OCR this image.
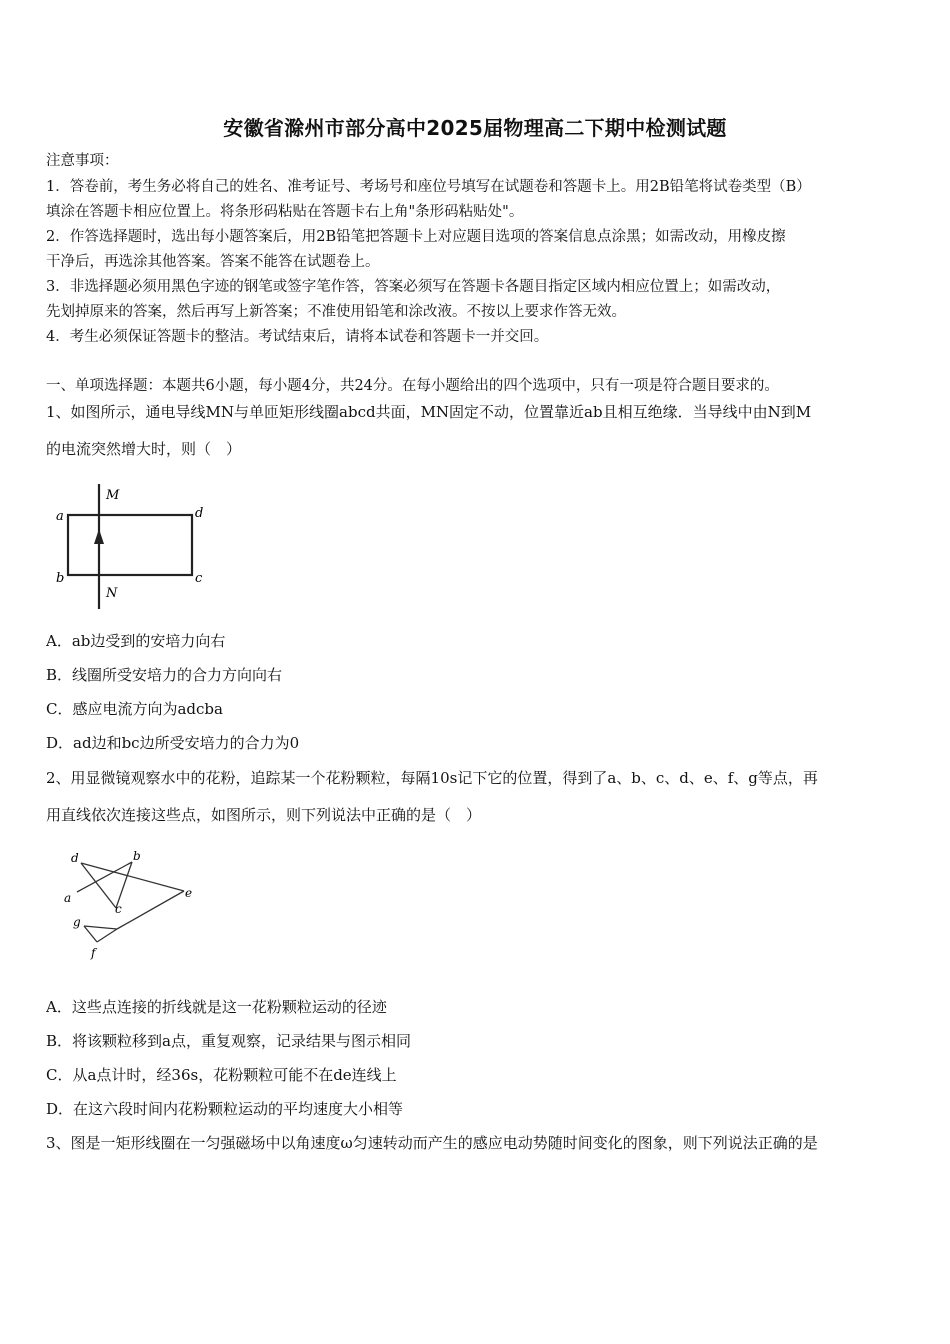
安徽省滁州市部分高中2025届物理高二下期中检测试题
注意事项：
1．答卷前，考生务必将自己的姓名、准考证号、考场号和座位号填写在试题卷和答题卡上。用2B铅笔将试卷类型（B）
填涂在答题卡相应位置上。将条形码粘贴在答题卡右上角"条形码粘贴处"。
2．作答选择题时，选出每小题答案后，用2B铅笔把答题卡上对应题目选项的答案信息点涂黑；如需改动，用橡皮擦
干净后，再选涂其他答案。答案不能答在试题卷上。
3．非选择题必须用黑色字迹的钢笔或签字笔作答，答案必须写在答题卡各题目指定区域内相应位置上；如需改动，
先划掉原来的答案，然后再写上新答案；不准使用铅笔和涂改液。不按以上要求作答无效。
4．考生必须保证答题卡的整洁。考试结束后，请将本试卷和答题卡一并交回。
一、单项选择题：本题共6小题，每小题4分，共24分。在每小题给出的四个选项中，只有一项是符合题目要求的。
1、如图所示，通电导线MN与单匝矩形线圈abcd共面，MN固定不动，位置靠近ab且相互绝缘．当导线中由N到M
的电流突然增大时，则（　）
a
b	c
d
M
N
A．ab边受到的安培力向右
B．线圈所受安培力的合力方向向右
C．感应电流方向为adcba
D．ad边和bc边所受安培力的合力为0
2、用显微镜观察水中的花粉，追踪某一个花粉颗粒，每隔10s记下它的位置，得到了a、b、c、d、e、f、g等点，再
用直线依次连接这些点，如图所示，则下列说法中正确的是（　）
d	b
a
c
e
g
f
A．这些点连接的折线就是这一花粉颗粒运动的径迹
B．将该颗粒移到a点，重复观察，记录结果与图示相同
C．从a点计时，经36s，花粉颗粒可能不在de连线上
D．在这六段时间内花粉颗粒运动的平均速度大小相等
3、图是一矩形线圈在一匀强磁场中以角速度ω匀速转动而产生的感应电动势随时间变化的图象，则下列说法正确的是
